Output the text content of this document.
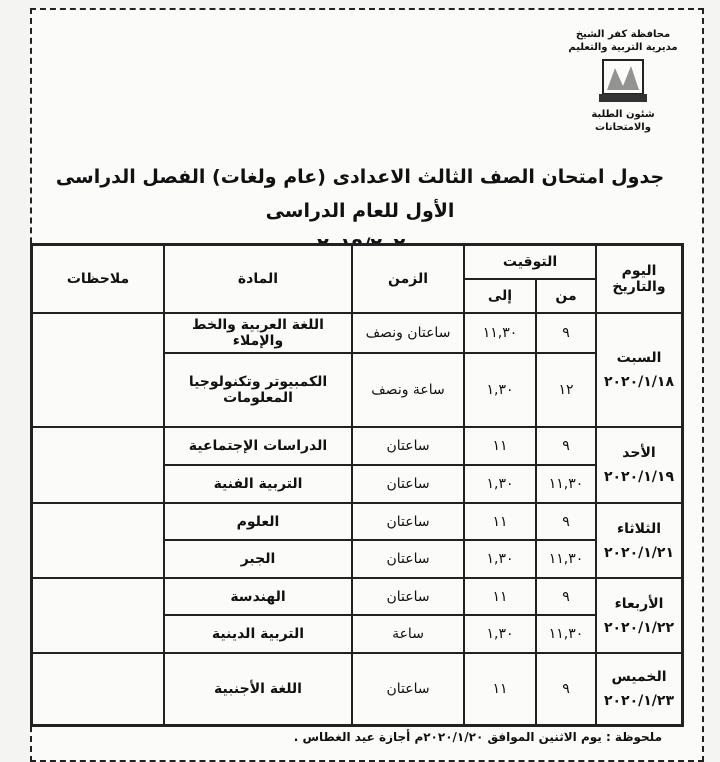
محافظة كفر الشيخ
مديرية التربية والتعليم
شئون الطلبة والامتحانات
جدول امتحان الصف الثالث الاعدادى (عام ولغات) الفصل الدراسى الأول للعام الدراسى
اليوم والتاريخ	التوقيت		الزمن	المادة	ملاحظات
	من	إلى			

السبت
٢٠٢٠/١/١٨	٩	١١,٣٠	ساعتان ونصف	اللغة العربية والخط والإملاء	
	١٢	١,٣٠	ساعة ونصف	الكمبيوتر وتكنولوجيا المعلومات	

الأحد
٢٠٢٠/١/١٩	٩	١١	ساعتان	الدراسات الإجتماعية	
	١١,٣٠	١,٣٠	ساعتان	التربية الفنية	

الثلاثاء
٢٠٢٠/١/٢١	٩	١١	ساعتان	العلوم	
	١١,٣٠	١,٣٠	ساعتان	الجبر	

الأربعاء
٢٠٢٠/١/٢٢	٩	١١	ساعتان	الهندسة	
	١١,٣٠	١,٣٠	ساعة	التربية الدينية	

الخميس
٢٠٢٠/١/٢٣	٩	١١	ساعتان	اللغة الأجنبية	
ملحوظة : يوم الاثنين الموافق ٢٠٢٠/١/٢٠م أجازة عيد الغطاس .
